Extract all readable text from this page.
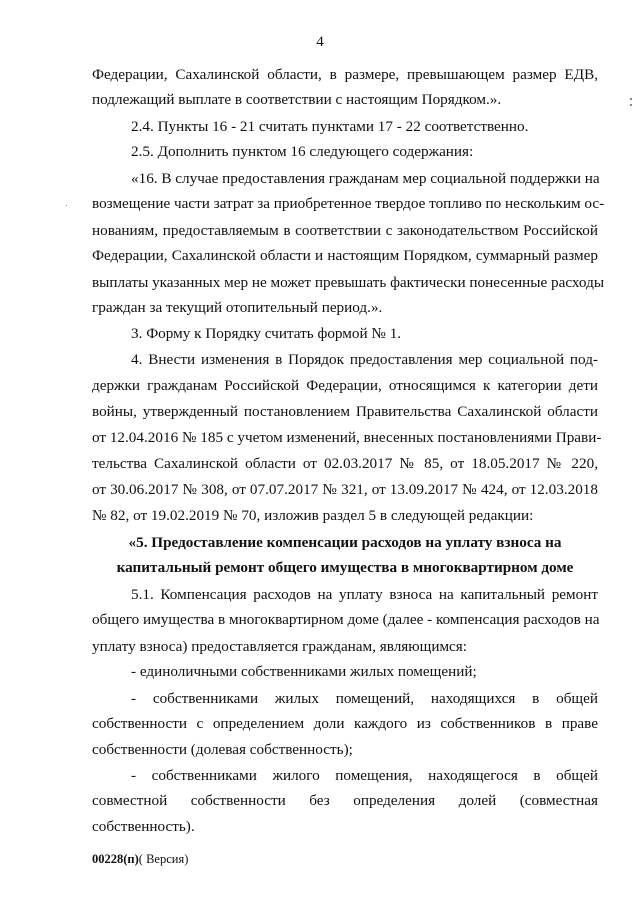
4
Федерации, Сахалинской области, в размере, превышающем размер ЕДВ,
подлежащий выплате в соответствии с настоящим Порядком.».
2.4. Пункты 16 - 21 считать пунктами 17 - 22 соответственно.
2.5. Дополнить пунктом 16 следующего содержания:
«16. В случае предоставления гражданам мер социальной поддержки на
возмещение части затрат за приобретенное твердое топливо по нескольким ос-
нованиям, предоставляемым в соответствии с законодательством Российской
Федерации, Сахалинской области и настоящим Порядком, суммарный размер
выплаты указанных мер не может превышать фактически понесенные расходы
граждан за текущий отопительный период.».
3. Форму к Порядку считать формой № 1.
4. Внести изменения в Порядок предоставления мер социальной под-
держки гражданам Российской Федерации, относящимся к категории дети
войны, утвержденный постановлением Правительства Сахалинской области
от 12.04.2016 № 185 с учетом изменений, внесенных постановлениями Прави-
тельства Сахалинской области от 02.03.2017 № 85, от 18.05.2017 № 220,
от 30.06.2017 № 308, от 07.07.2017 № 321, от 13.09.2017 № 424, от 12.03.2018
№ 82, от 19.02.2019 № 70, изложив раздел 5 в следующей редакции:
«5. Предоставление компенсации расходов на уплату взноса на
капитальный ремонт общего имущества в многоквартирном доме
5.1. Компенсация расходов на уплату взноса на капитальный ремонт
общего имущества в многоквартирном доме (далее - компенсация расходов на
уплату взноса) предоставляется гражданам, являющимся:
- единоличными собственниками жилых помещений;
- собственниками жилых помещений, находящихся в общей
собственности с определением доли каждого из собственников в праве
собственности (долевая собственность);
- собственниками жилого помещения, находящегося в общей
совместной собственности без определения долей (совместная
собственность).
00228(п)( Версия)
